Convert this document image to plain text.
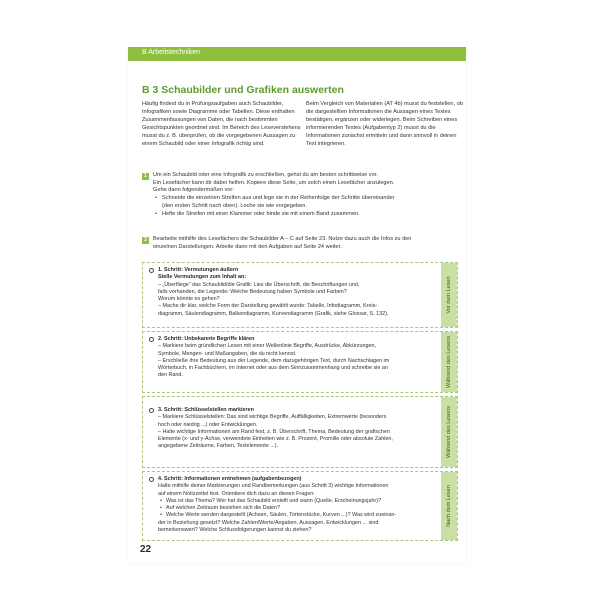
B Arbeitstechniken
B 3 Schaubilder und Grafiken auswerten
Häufig findest du in Prüfungsaufgaben auch Schaubilder, Infografiken sowie Diagramme oder Tabellen. Diese enthalten Zusammenfassungen von Daten, die nach bestimmten Gesichtspunkten geordnet sind. Im Bereich des Leseverstehens musst du z. B. überprüfen, ob die vorgegebenen Aussagen zu einem Schaubild oder einer Infografik richtig sind.
Beim Vergleich von Materialien (AT 4b) musst du feststellen, ob die dargestellten Informationen die Aussagen eines Textes bestätigen, ergänzen oder widerlegen. Beim Schreiben eines informierenden Textes (Aufgabentyp 2) musst du die Informationen zunächst ermitteln und dann sinnvoll in deinen Text integrieren.
1	Um ein Schaubild oder eine Infografik zu erschließen, gehst du am besten schrittweise vor.
Ein Lesefächer kann dir dabei helfen. Kopiere diese Seite, um solch einen Lesefächer anzulegen.
Gehe dann folgendermaßen vor:
• Schneide die einzelnen Streifen aus und lege sie in der Reihenfolge der Schritte übereinander
(den ersten Schritt nach oben). Loche sie wie vorgegeben.
• Hefte die Streifen mit einer Klammer oder binde sie mit einem Band zusammen.
2	Bearbeite mithilfe des Lesefächers die Schaubilder A – C auf Seite 23. Nutze dazu auch die Infos zu den
einzelnen Darstellungen. Arbeite dann mit den Aufgaben auf Seite 24 weiter.
1. Schritt: Vermutungen äußern
Stelle Vermutungen zum Inhalt an:
– „Überfliege“ das Schaubild/die Grafik: Lies die Überschrift, die Beschriftungen und,
falls vorhanden, die Legende: Welche Bedeutung haben Symbole und Farben?
Worum könnte es gehen?
– Mache dir klar, welche Form der Darstellung gewählt wurde: Tabelle, Infodiagramm, Kreis-
diagramm, Säulendiagramm, Balkendiagramm, Kurvendiagramm (Grafik, siehe Glossar, S. 132).
Vor dem Lesen
2. Schritt: Unbekannte Begriffe klären
– Markiere beim gründlichen Lesen mit einer Wellenlinie Begriffe, Ausdrücke, Abkürzungen,
Symbole, Mengen- und Maßangaben, die du nicht kennst.
– Erschließe ihre Bedeutung aus der Legende, dem dazugehörigen Text, durch Nachschlagen im
Wörterbuch, in Fachbüchern, im Internet oder aus dem Sinnzusammenhang und schreibe sie an
den Rand.	Während des Lesens
3. Schritt: Schlüsselstellen markieren
– Markiere Schlüsselstellen: Das sind wichtige Begriffe, Auffälligkeiten, Extremwerte (besonders
hoch oder niedrig ...) oder Entwicklungen.
– Halte wichtige Informationen am Rand fest, z. B. Überschrift, Thema, Bedeutung der grafischen
Elemente (x- und y-Achse, verwendete Einheiten wie z. B. Prozent, Promille oder absolute Zahlen,
angegebene Zeiträume, Farben, Textelemente ...).	Während des Lesens
4. Schritt: Informationen entnehmen (aufgabenbezogen)
Halte mithilfe deiner Markierungen und Randbemerkungen (aus Schritt 3) wichtige Informationen
auf einem Notizzettel fest. Orientiere dich dazu an diesen Fragen:
• Was ist das Thema? Wer hat das Schaubild erstellt und wann (Quelle, Erscheinungsjahr)?
• Auf welchen Zeitraum beziehen sich die Daten?
• Welche Werte werden dargestellt (Achsen, Säulen, Tortenstücke, Kurven ...)? Was wird zueinan-
der in Beziehung gesetzt? Welche Zahlen/Werte/Angaben, Aussagen, Entwicklungen ... sind
bemerkenswert? Welche Schlussfolgerungen kannst du ziehen?
Nach dem Lesen
22
